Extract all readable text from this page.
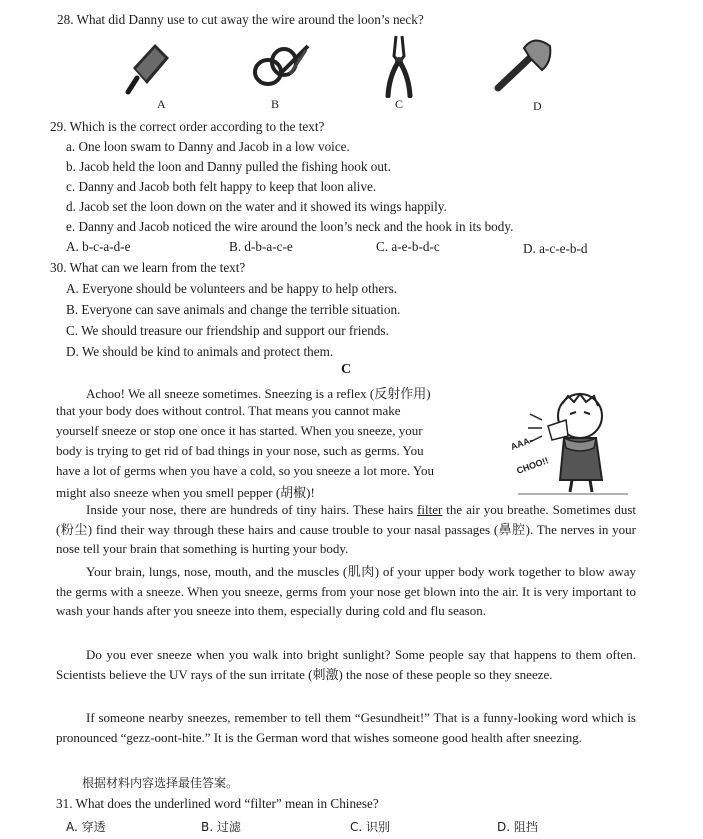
28. What did Danny use to cut away the wire around the loon’s neck?
A	B	C	D
29. Which is the correct order according to the text?
a. One loon swam to Danny and Jacob in a low voice.
b. Jacob held the loon and Danny pulled the fishing hook out.
c. Danny and Jacob both felt happy to keep that loon alive.
d. Jacob set the loon down on the water and it showed its wings happily.
e. Danny and Jacob noticed the wire around the loon’s neck and the hook in its body.
A. b-c-a-d-e	B. d-b-a-c-e	C. a-e-b-d-c	D. a-c-e-b-d
30. What can we learn from the text?
A. Everyone should be volunteers and be happy to help others.
B. Everyone can save animals and change the terrible situation.
C. We should treasure our friendship and support our friends.
D. We should be kind to animals and protect them.
C
Achoo! We all sneeze sometimes. Sneezing is a reflex (反射作用)
that your body does without control. That means you cannot make
yourself sneeze or stop one once it has started. When you sneeze, your
body is trying to get rid of bad things in your nose, such as germs. You
have a lot of germs when you have a cold, so you sneeze a lot more. You
might also sneeze when you smell pepper (胡椒)!
AAA-
CHOO!!

Inside your nose, there are hundreds of tiny hairs. These hairs filter the air you breathe. Sometimes dust (粉尘) find their way through these hairs and cause trouble to your nasal passages (鼻腔). The nerves in your nose tell your brain that something is hurting your body.

Your brain, lungs, nose, mouth, and the muscles (肌肉) of your upper body work together to blow away the germs with a sneeze. When you sneeze, germs from your nose get blown into the air. It is very important to wash your hands after you sneeze into them, especially during cold and flu season.

Do you ever sneeze when you walk into bright sunlight? Some people say that happens to them often. Scientists believe the UV rays of the sun irritate (刺激) the nose of these people so they sneeze.

If someone nearby sneezes, remember to tell them “Gesundheit!” That is a funny-looking word which is pronounced “gezz-oont-hite.” It is the German word that wishes someone good health after sneezing.

根据材料内容选择最佳答案。
31. What does the underlined word “filter” mean in Chinese?
A. 穿透	B. 过滤	C. 识别	D. 阻挡
